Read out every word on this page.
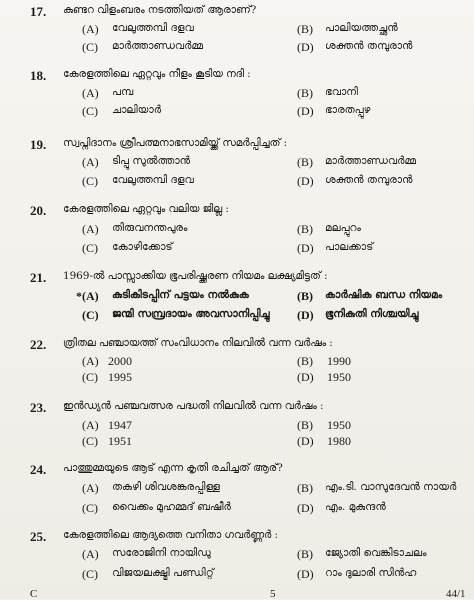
17. കുണ്ടറ വിളംബരം നടത്തിയത് ആരാണ്?
(A) വേലുത്തമ്പി ദളവ	(B) പാലിയത്തച്ഛൻ
(C) മാർത്താണ്ഡവർമ്മ	(D) ശക്തൻ തമ്പുരാൻ
18. കേരളത്തിലെ ഏറ്റവും നീളം കൂടിയ നദി :
(A) പമ്പ	(B) ഭവാനി
(C) ചാലിയാർ	(D) ഭാരതപ്പുഴ
19. സ്വപ്നിദാനം ശ്രീപത്മനാഭസാമിയ്ക്ക് സമർപ്പിച്ചത് :
(A) ടിപ്പു സുൽത്താൻ	(B) മാർത്താണ്ഡവർമ്മ
(C) വേലുത്തമ്പി ദളവ	(D) ശക്തൻ തമ്പുരാൻ
20. കേരളത്തിലെ ഏറ്റവും വലിയ ജില്ല :
(A) തിരുവനന്തപുരം	(B) മലപ്പുറം
(C) കോഴിക്കോട്	(D) പാലക്കാട്
21. 1969-ൽ പാസ്സാക്കിയ ഭൂപരിഷ്ക്കരണ നിയമം ലക്ഷ്യമിട്ടത് :
*(A) കുടികിടപ്പിന് പട്ടയം നൽകുക	(B) കാർഷിക ബന്ധ നിയമം
(C) ജന്മി സമ്പ്രദായം അവസാനിപ്പിച്ചു (D) ഭൂനികുതി നിശ്ചയിച്ചു
22. ത്രിതല പഞ്ചായത്ത് സംവിധാനം നിലവിൽ വന്ന വർഷം :
(A) 2000	(B) 1990
(C) 1995	(D) 1950
23. ഇൻഡ്യൻ പഞ്ചവത്സര പദ്ധതി നിലവിൽ വന്ന വർഷം :
(A) 1947	(B) 1950
(C) 1951	(D) 1980
24. പാത്തുമ്മയുടെ ആട് എന്ന കൃതി രചിച്ചത് ആര്?
(A) തകഴി ശിവശങ്കരപ്പിള്ള	(B) എം.ടി. വാസുദേവൻ നായർ
(C) വൈക്കം മുഹമ്മദ് ബഷീർ	(D) എം. മുകുന്ദൻ
25. കേരളത്തിലെ ആദ്യത്തെ വനിതാ ഗവർണ്ണർ :
(A) സരോജിനി നായിഡു	(B) ജ്യോതി വെങ്കിടാചലം
(C) വിജയലക്ഷ്മി പണ്ഡിറ്റ്	(D) റാം ദുലാരി സിൻഹ
C	5	44/1
